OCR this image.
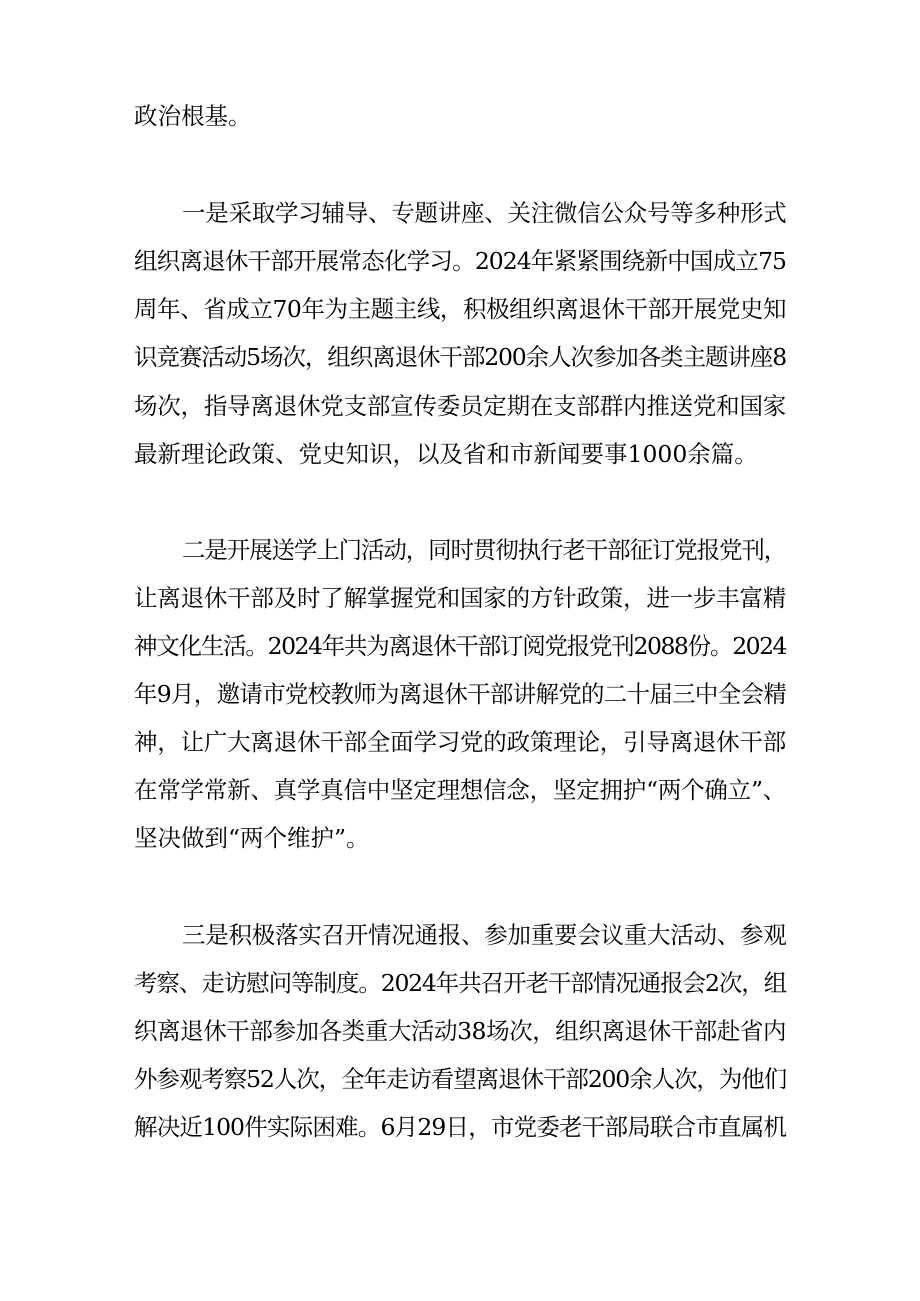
政治根基。
一是采取学习辅导、专题讲座、关注微信公众号等多种形式
组织离退休干部开展常态化学习。2024年紧紧围绕新中国成立75
周年、省成立70年为主题主线，积极组织离退休干部开展党史知
识竞赛活动5场次，组织离退休干部200余人次参加各类主题讲座8
场次，指导离退休党支部宣传委员定期在支部群内推送党和国家
最新理论政策、党史知识，以及省和市新闻要事1000余篇。
二是开展送学上门活动，同时贯彻执行老干部征订党报党刊，
让离退休干部及时了解掌握党和国家的方针政策，进一步丰富精
神文化生活。2024年共为离退休干部订阅党报党刊2088份。2024
年9月，邀请市党校教师为离退休干部讲解党的二十届三中全会精
神，让广大离退休干部全面学习党的政策理论，引导离退休干部
在常学常新、真学真信中坚定理想信念，坚定拥护“两个确立”、
坚决做到“两个维护”。
三是积极落实召开情况通报、参加重要会议重大活动、参观
考察、走访慰问等制度。2024年共召开老干部情况通报会2次，组
织离退休干部参加各类重大活动38场次，组织离退休干部赴省内
外参观考察52人次，全年走访看望离退休干部200余人次，为他们
解决近100件实际困难。6月29日，市党委老干部局联合市直属机
